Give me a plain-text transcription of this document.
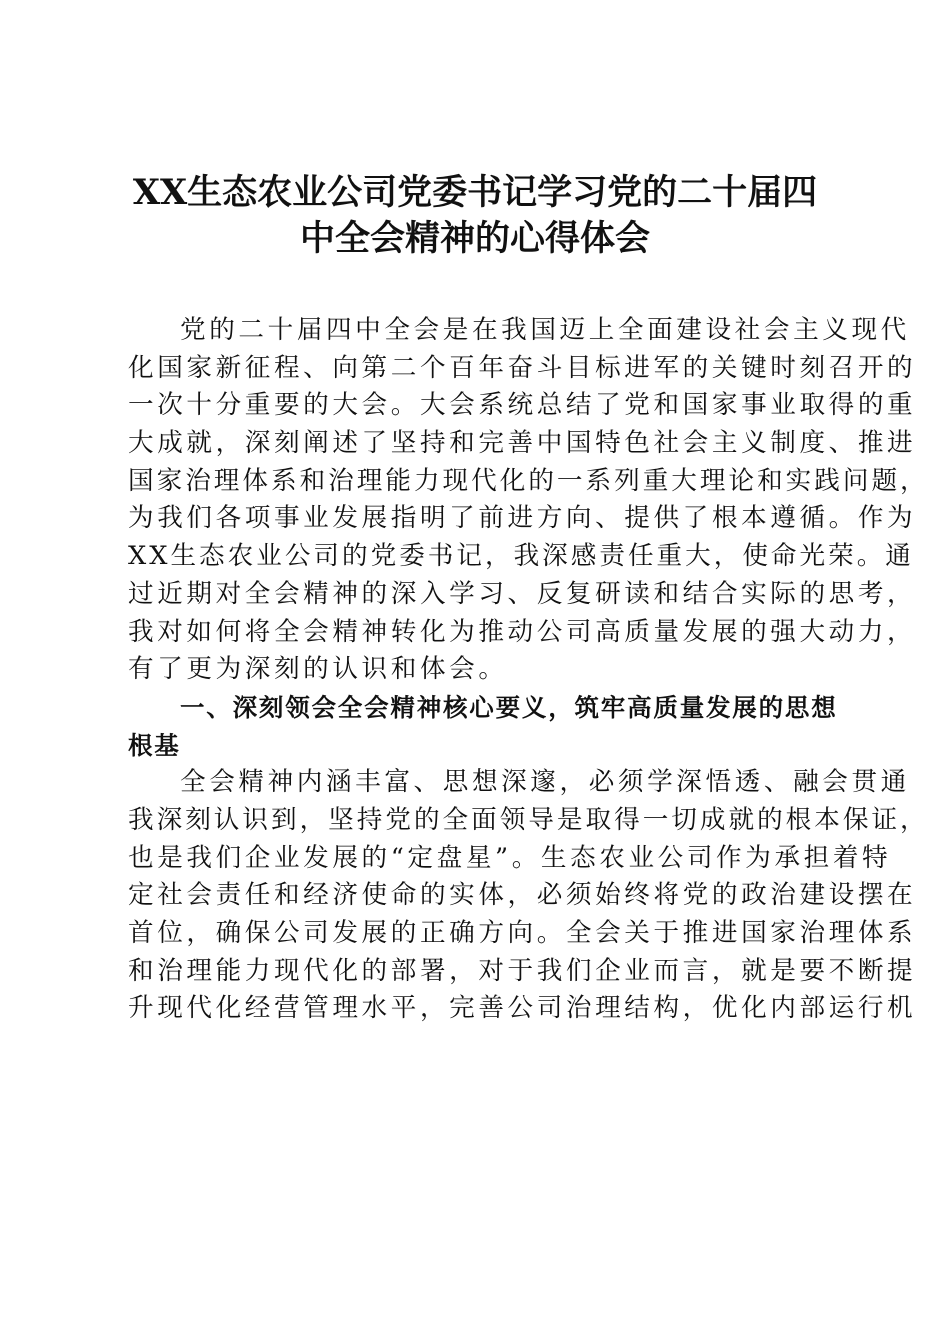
XX生态农业公司党委书记学习党的二十届四
中全会精神的心得体会
党的二十届四中全会是在我国迈上全面建设社会主义现代
化国家新征程、向第二个百年奋斗目标进军的关键时刻召开的
一次十分重要的大会。大会系统总结了党和国家事业取得的重
大成就，深刻阐述了坚持和完善中国特色社会主义制度、推进
国家治理体系和治理能力现代化的一系列重大理论和实践问题，
为我们各项事业发展指明了前进方向、提供了根本遵循。作为
XX生态农业公司的党委书记，我深感责任重大，使命光荣。通
过近期对全会精神的深入学习、反复研读和结合实际的思考，
我对如何将全会精神转化为推动公司高质量发展的强大动力，
有了更为深刻的认识和体会。
一、深刻领会全会精神核心要义，筑牢高质量发展的思想
根基
全会精神内涵丰富、思想深邃，必须学深悟透、融会贯通
我深刻认识到，坚持党的全面领导是取得一切成就的根本保证，
也是我们企业发展的“定盘星”。生态农业公司作为承担着特
定社会责任和经济使命的实体，必须始终将党的政治建设摆在
首位，确保公司发展的正确方向。全会关于推进国家治理体系
和治理能力现代化的部署，对于我们企业而言，就是要不断提
升现代化经营管理水平，完善公司治理结构，优化内部运行机
